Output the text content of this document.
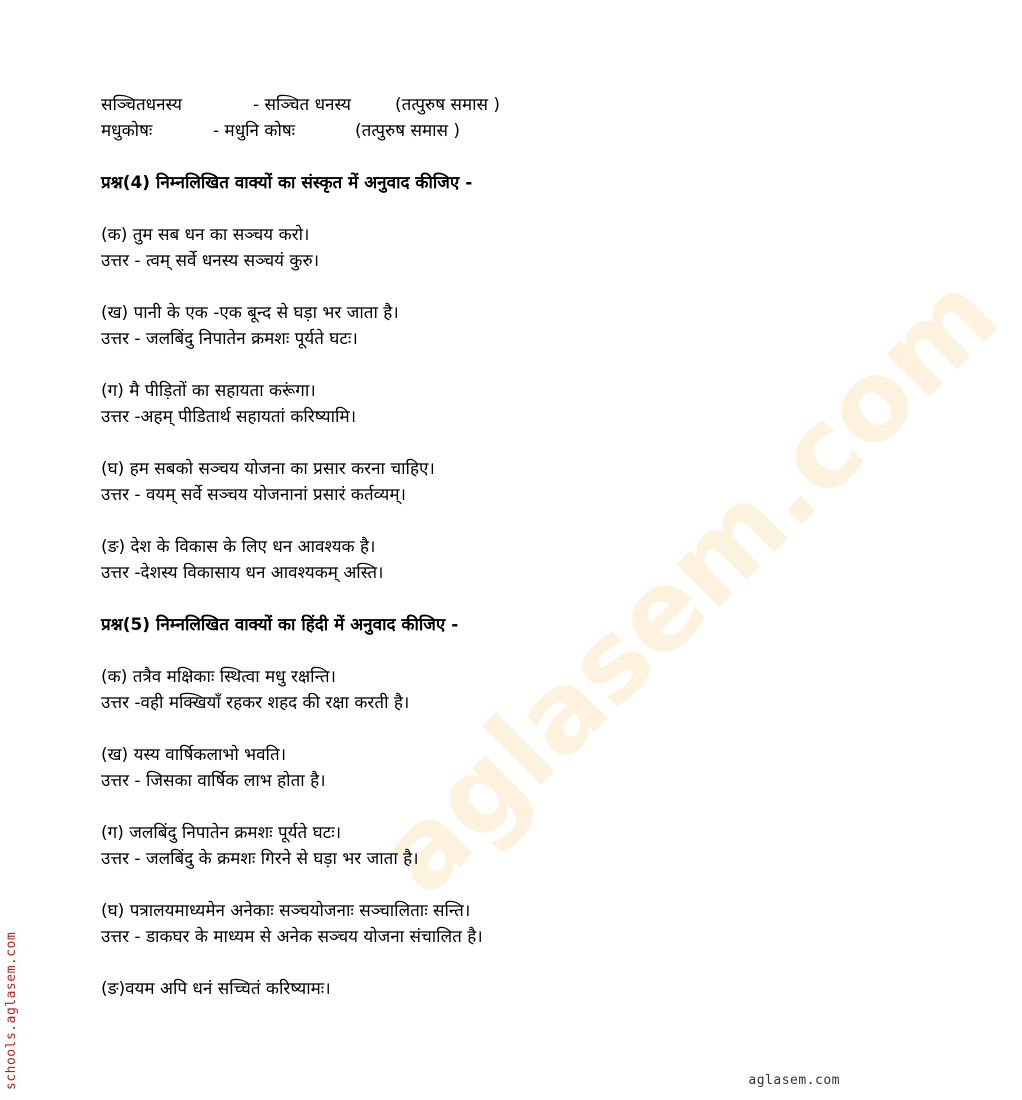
aglasem.com
सञ्चितधनस्य	- सञ्चित धनस्य	(तत्पुरुष समास )
मधुकोषः	- मधुनि कोषः	(तत्पुरुष समास )
प्रश्न(4) निम्नलिखित वाक्यों का संस्कृत में अनुवाद कीजिए -
(क) तुम सब धन का सञ्चय करो।
उत्तर - त्वम् सर्वे धनस्य सञ्चयं कुरु।
(ख) पानी के एक -एक बून्द से घड़ा भर जाता है।
उत्तर - जलबिंदु निपातेन क्रमशः पूर्यते घटः।
(ग) मै पीड़ितों का सहायता करूंगा।
उत्तर -अहम् पीडितार्थ सहायतां करिष्यामि।
(घ) हम सबको सञ्चय योजना का प्रसार करना चाहिए।
उत्तर - वयम् सर्वे सञ्चय योजनानां प्रसारं कर्तव्यम्।
(ङ) देश के विकास के लिए धन आवश्यक है।
उत्तर -देशस्य विकासाय धन आवश्यकम् अस्ति।
प्रश्न(5) निम्नलिखित वाक्यों का हिंदी में अनुवाद कीजिए -
(क) तत्रैव मक्षिकाः स्थित्वा मधु रक्षन्ति।
उत्तर -वही मक्खियाँ रहकर शहद की रक्षा करती है।
(ख) यस्य वार्षिकलाभो भवति।
उत्तर - जिसका वार्षिक लाभ होता है।
(ग) जलबिंदु निपातेन क्रमशः पूर्यते घटः।
उत्तर - जलबिंदु के क्रमशः गिरने से घड़ा भर जाता है।
(घ) पत्रालयमाध्यमेन अनेकाः सञ्चयोजनाः सञ्चालिताः सन्ति।
उत्तर - डाकघर के माध्यम से अनेक सञ्चय योजना संचालित है।
(ङ)वयम अपि धनं सच्चितं करिष्यामः।
schools.aglasem.com	aglasem.com
